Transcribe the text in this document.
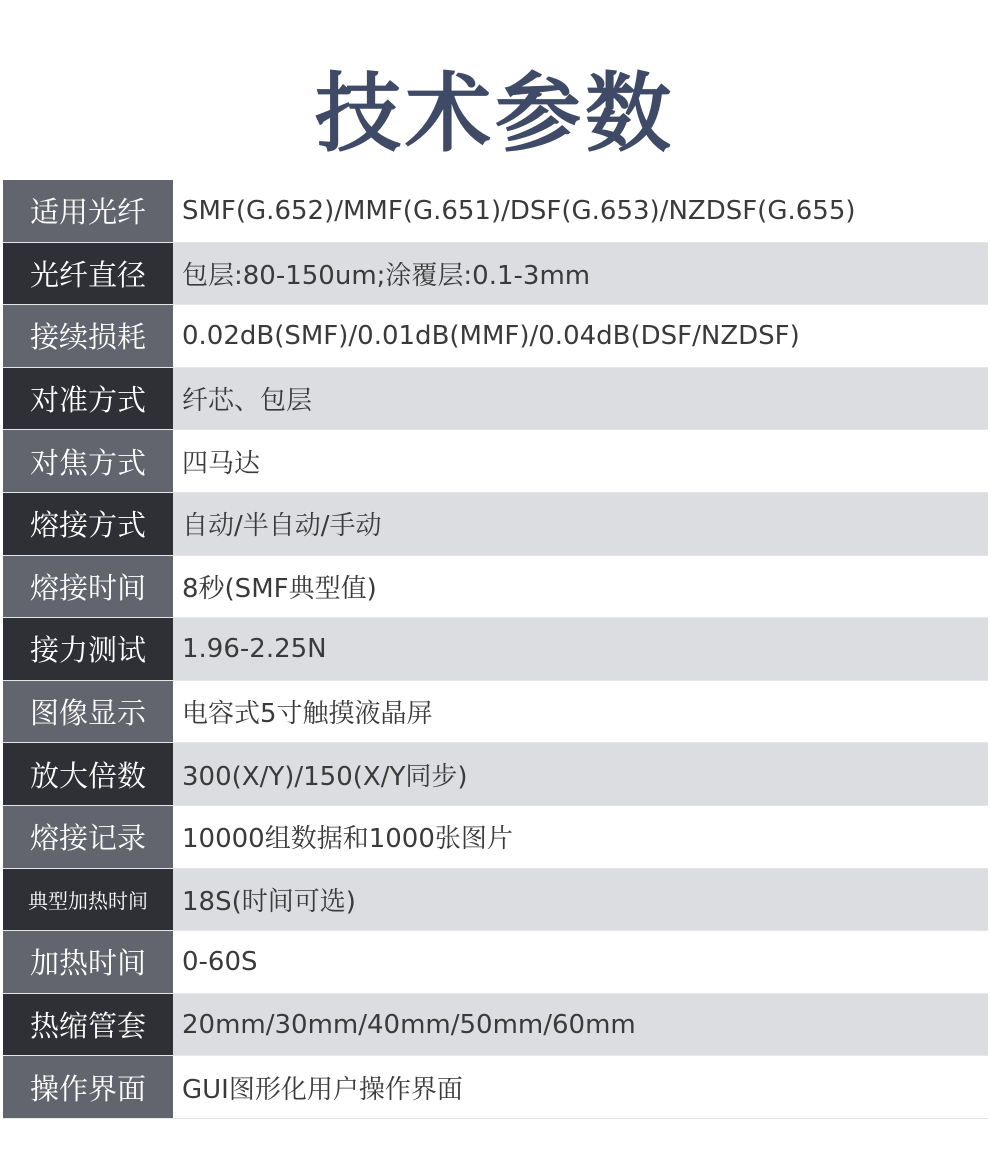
技术参数
适用光纤	SMF(G.652)/MMF(G.651)/DSF(G.653)/NZDSF(G.655)
光纤直径	包层:80-150um;涂覆层:0.1-3mm
接续损耗	0.02dB(SMF)/0.01dB(MMF)/0.04dB(DSF/NZDSF)
对准方式	纤芯、包层
对焦方式	四马达
熔接方式	自动/半自动/手动
熔接时间	8秒(SMF典型值)
接力测试	1.96-2.25N
图像显示	电容式5寸触摸液晶屏
放大倍数	300(X/Y)/150(X/Y同步)
熔接记录	10000组数据和1000张图片
典型加热时间	18S(时间可选)
加热时间	0-60S
热缩管套	20mm/30mm/40mm/50mm/60mm
操作界面	GUI图形化用户操作界面
